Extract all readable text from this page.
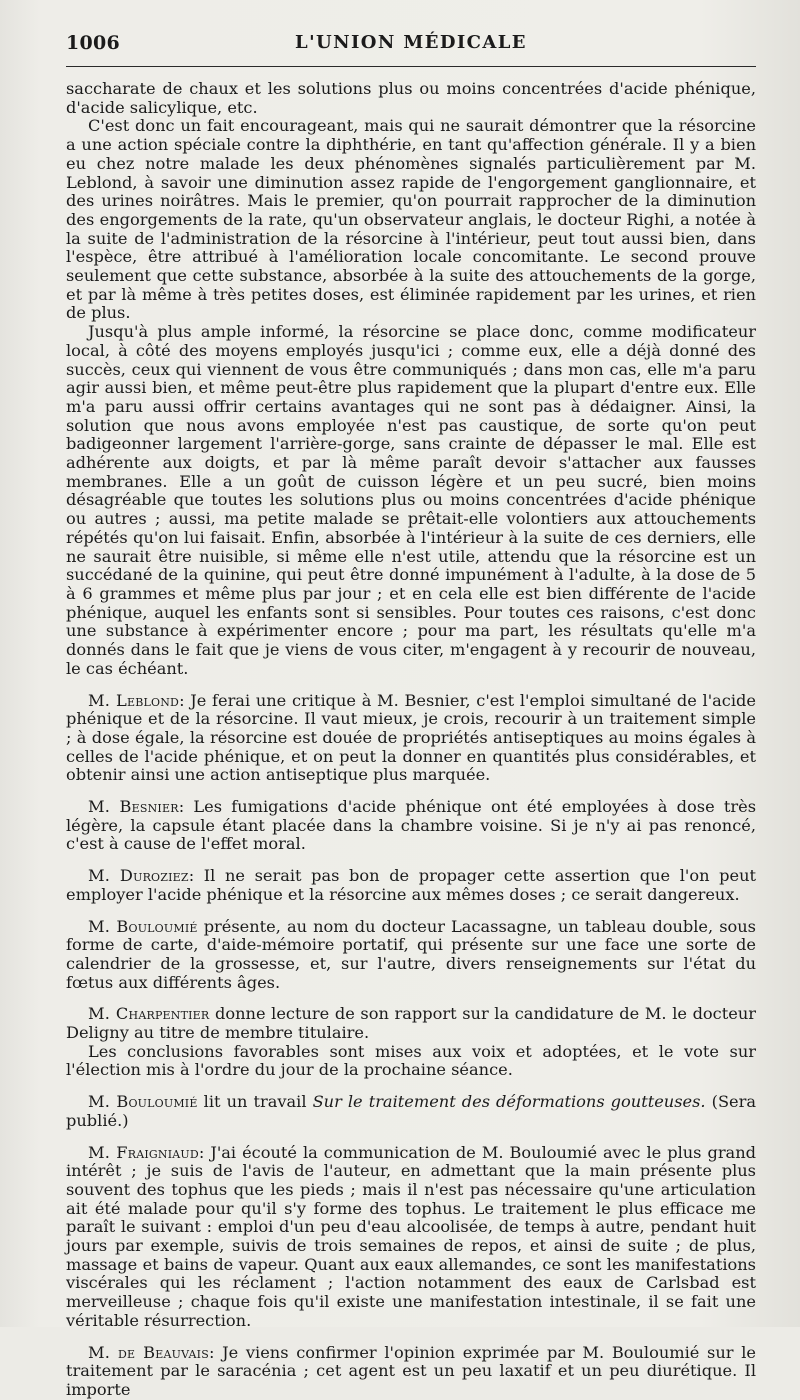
1006	L'UNION MÉDICALE

saccharate de chaux et les solutions plus ou moins concentrées d'acide phénique, d'acide salicylique, etc.

C'est donc un fait encourageant, mais qui ne saurait démontrer que la résorcine a une action spéciale contre la diphthérie, en tant qu'affection générale. Il y a bien eu chez notre malade les deux phénomènes signalés particulièrement par M. Leblond, à savoir une diminution assez rapide de l'engorgement ganglionnaire, et des urines noirâtres. Mais le premier, qu'on pourrait rapprocher de la diminution des engorgements de la rate, qu'un observateur anglais, le docteur Righi, a notée à la suite de l'administration de la résorcine à l'intérieur, peut tout aussi bien, dans l'espèce, être attribué à l'amélioration locale concomitante. Le second prouve seulement que cette substance, absorbée à la suite des attouchements de la gorge, et par là même à très petites doses, est éliminée rapidement par les urines, et rien de plus.

Jusqu'à plus ample informé, la résorcine se place donc, comme modificateur local, à côté des moyens employés jusqu'ici ; comme eux, elle a déjà donné des succès, ceux qui viennent de vous être communiqués ; dans mon cas, elle m'a paru agir aussi bien, et même peut-être plus rapidement que la plupart d'entre eux. Elle m'a paru aussi offrir certains avantages qui ne sont pas à dédaigner. Ainsi, la solution que nous avons employée n'est pas caustique, de sorte qu'on peut badigeonner largement l'arrière-gorge, sans crainte de dépasser le mal. Elle est adhérente aux doigts, et par là même paraît devoir s'attacher aux fausses membranes. Elle a un goût de cuisson légère et un peu sucré, bien moins désagréable que toutes les solutions plus ou moins concentrées d'acide phénique ou autres ; aussi, ma petite malade se prêtait-elle volontiers aux attouchements répétés qu'on lui faisait. Enfin, absorbée à l'intérieur à la suite de ces derniers, elle ne saurait être nuisible, si même elle n'est utile, attendu que la résorcine est un succédané de la quinine, qui peut être donné impunément à l'adulte, à la dose de 5 à 6 grammes et même plus par jour ; et en cela elle est bien différente de l'acide phénique, auquel les enfants sont si sensibles. Pour toutes ces raisons, c'est donc une substance à expérimenter encore ; pour ma part, les résultats qu'elle m'a donnés dans le fait que je viens de vous citer, m'engagent à y recourir de nouveau, le cas échéant.

M. Leblond: Je ferai une critique à M. Besnier, c'est l'emploi simultané de l'acide phénique et de la résorcine. Il vaut mieux, je crois, recourir à un traitement simple ; à dose égale, la résorcine est douée de propriétés antiseptiques au moins égales à celles de l'acide phénique, et on peut la donner en quantités plus considérables, et obtenir ainsi une action antiseptique plus marquée.

M. Besnier: Les fumigations d'acide phénique ont été employées à dose très légère, la capsule étant placée dans la chambre voisine. Si je n'y ai pas renoncé, c'est à cause de l'effet moral.

M. Duroziez: Il ne serait pas bon de propager cette assertion que l'on peut employer l'acide phénique et la résorcine aux mêmes doses ; ce serait dangereux.

M. Bouloumié présente, au nom du docteur Lacassagne, un tableau double, sous forme de carte, d'aide-mémoire portatif, qui présente sur une face une sorte de calendrier de la grossesse, et, sur l'autre, divers renseignements sur l'état du fœtus aux différents âges.

M. Charpentier donne lecture de son rapport sur la candidature de M. le docteur Deligny au titre de membre titulaire.

Les conclusions favorables sont mises aux voix et adoptées, et le vote sur l'élection mis à l'ordre du jour de la prochaine séance.

M. Bouloumié lit un travail Sur le traitement des déformations goutteuses. (Sera publié.)

M. Fraigniaud: J'ai écouté la communication de M. Bouloumié avec le plus grand intérêt ; je suis de l'avis de l'auteur, en admettant que la main présente plus souvent des tophus que les pieds ; mais il n'est pas nécessaire qu'une articulation ait été malade pour qu'il s'y forme des tophus. Le traitement le plus efficace me paraît le suivant : emploi d'un peu d'eau alcoolisée, de temps à autre, pendant huit jours par exemple, suivis de trois semaines de repos, et ainsi de suite ; de plus, massage et bains de vapeur. Quant aux eaux allemandes, ce sont les manifestations viscérales qui les réclament ; l'action notamment des eaux de Carlsbad est merveilleuse ; chaque fois qu'il existe une manifestation intestinale, il se fait une véritable résurrection.

M. de Beauvais: Je viens confirmer l'opinion exprimée par M. Bouloumié sur le traitement par le saracénia ; cet agent est un peu laxatif et un peu diurétique. Il importe
